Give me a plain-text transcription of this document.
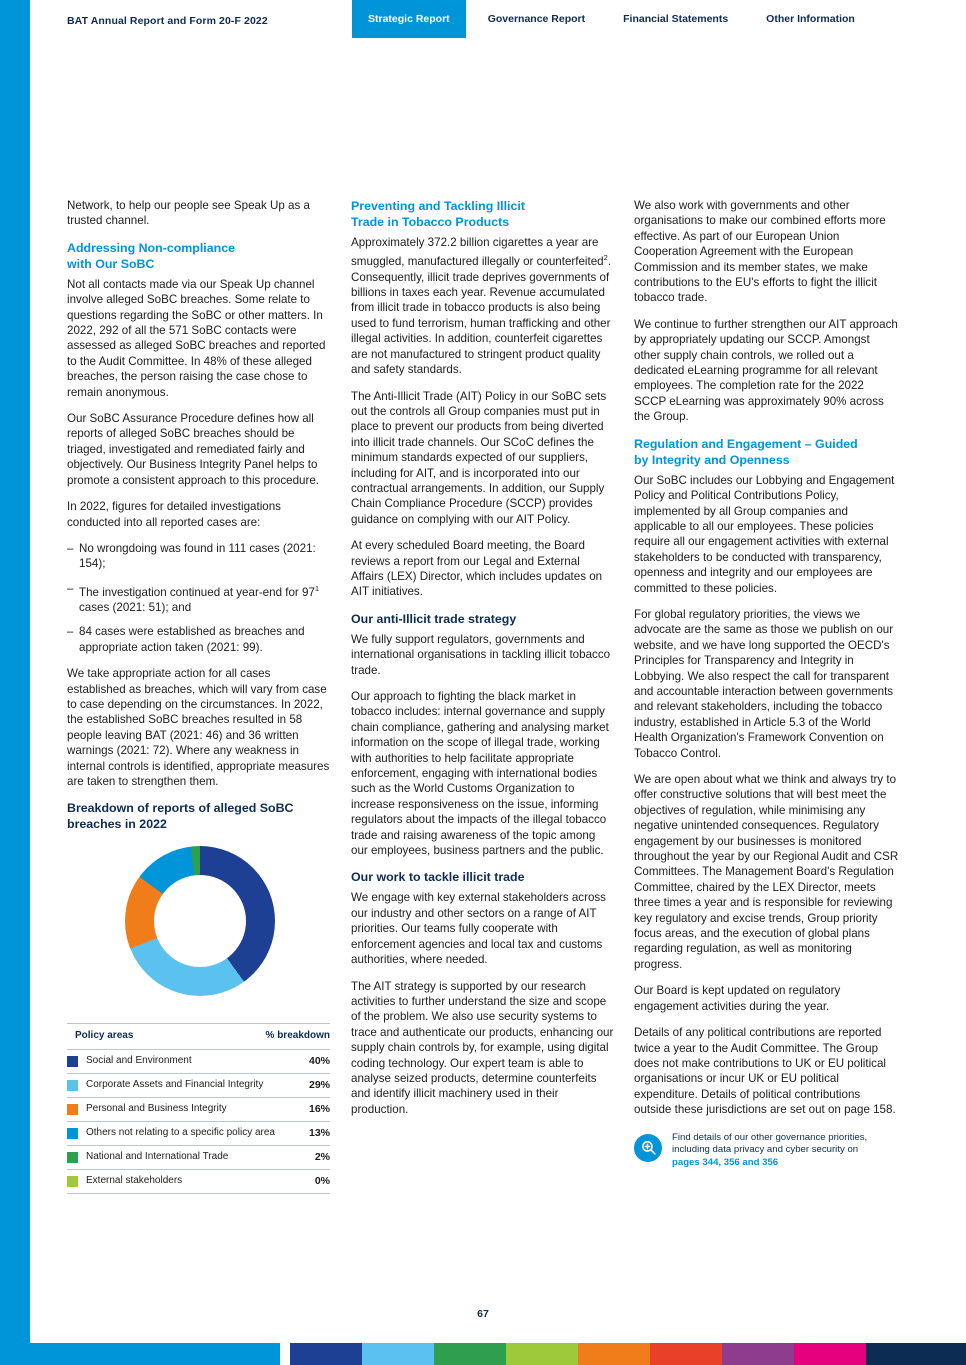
BAT Annual Report and Form 20-F 2022	Strategic Report	Governance Report	Financial Statements	Other Information

Network, to help our people see Speak Up as a trusted channel.

Addressing Non-compliance
with Our SoBC

Not all contacts made via our Speak Up channel involve alleged SoBC breaches. Some relate to questions regarding the SoBC or other matters. In 2022, 292 of all the 571 SoBC contacts were assessed as alleged SoBC breaches and reported to the Audit Committee. In 48% of these alleged breaches, the person raising the case chose to remain anonymous.

Our SoBC Assurance Procedure defines how all reports of alleged SoBC breaches should be triaged, investigated and remediated fairly and objectively. Our Business Integrity Panel helps to promote a consistent approach to this procedure.

In 2022, figures for detailed investigations conducted into all reported cases are:

– No wrongdoing was found in 111 cases (2021: 154);
– The investigation continued at year-end for $97^1$ cases (2021: 51); and
– 84 cases were established as breaches and appropriate action taken (2021: 99).

We take appropriate action for all cases established as breaches, which will vary from case to case depending on the circumstances. In 2022, the established SoBC breaches resulted in 58 people leaving BAT (2021: 46) and 36 written warnings (2021: 72). Where any weakness in internal controls is identified, appropriate measures are taken to strengthen them.

Breakdown of reports of alleged SoBC
breaches in 2022
Policy areas	% breakdown
Social and Environment	40%
Corporate Assets and Financial Integrity	29%
Personal and Business Integrity	16%
Others not relating to a specific policy area	13%
National and International Trade	2%
External stakeholders	0%
Preventing and Tackling Illicit
Trade in Tobacco Products

Approximately 372.2 billion cigarettes a year are smuggled, manufactured illegally or counterfeited$^2$. Consequently, illicit trade deprives governments of billions in taxes each year. Revenue accumulated from illicit trade in tobacco products is also being used to fund terrorism, human trafficking and other illegal activities. In addition, counterfeit cigarettes are not manufactured to stringent product quality and safety standards.

The Anti-Illicit Trade (AIT) Policy in our SoBC sets out the controls all Group companies must put in place to prevent our products from being diverted into illicit trade channels. Our SCoC defines the minimum standards expected of our suppliers, including for AIT, and is incorporated into our contractual arrangements. In addition, our Supply Chain Compliance Procedure (SCCP) provides guidance on complying with our AIT Policy.

At every scheduled Board meeting, the Board reviews a report from our Legal and External Affairs (LEX) Director, which includes updates on AIT initiatives.

Our anti-Illicit trade strategy

We fully support regulators, governments and international organisations in tackling illicit tobacco trade.

Our approach to fighting the black market in tobacco includes: internal governance and supply chain compliance, gathering and analysing market information on the scope of illegal trade, working with authorities to help facilitate appropriate enforcement, engaging with international bodies such as the World Customs Organization to increase responsiveness on the issue, informing regulators about the impacts of the illegal tobacco trade and raising awareness of the topic among our employees, business partners and the public.

Our work to tackle illicit trade

We engage with key external stakeholders across our industry and other sectors on a range of AIT priorities. Our teams fully cooperate with enforcement agencies and local tax and customs authorities, where needed.

The AIT strategy is supported by our research activities to further understand the size and scope of the problem. We also use security systems to trace and authenticate our products, enhancing our supply chain controls by, for example, using digital coding technology. Our expert team is able to analyse seized products, determine counterfeits and identify illicit machinery used in their production.

We also work with governments and other organisations to make our combined efforts more effective. As part of our European Union Cooperation Agreement with the European Commission and its member states, we make contributions to the EU's efforts to fight the illicit tobacco trade.

We continue to further strengthen our AIT approach by appropriately updating our SCCP. Amongst other supply chain controls, we rolled out a dedicated eLearning programme for all relevant employees. The completion rate for the 2022 SCCP eLearning was approximately 90% across the Group.

Regulation and Engagement – Guided
by Integrity and Openness

Our SoBC includes our Lobbying and Engagement Policy and Political Contributions Policy, implemented by all Group companies and applicable to all our employees. These policies require all our engagement activities with external stakeholders to be conducted with transparency, openness and integrity and our employees are committed to these policies.

For global regulatory priorities, the views we advocate are the same as those we publish on our website, and we have long supported the OECD's Principles for Transparency and Integrity in Lobbying. We also respect the call for transparent and accountable interaction between governments and relevant stakeholders, including the tobacco industry, established in Article 5.3 of the World Health Organization's Framework Convention on Tobacco Control.

We are open about what we think and always try to offer constructive solutions that will best meet the objectives of regulation, while minimising any negative unintended consequences. Regulatory engagement by our businesses is monitored throughout the year by our Regional Audit and CSR Committees. The Management Board's Regulation Committee, chaired by the LEX Director, meets three times a year and is responsible for reviewing key regulatory and excise trends, Group priority focus areas, and the execution of global plans regarding regulation, as well as monitoring progress.

Our Board is kept updated on regulatory engagement activities during the year.

Details of any political contributions are reported twice a year to the Audit Committee. The Group does not make contributions to UK or EU political organisations or incur UK or EU political expenditure. Details of political contributions outside these jurisdictions are set out on page 158.

Find details of our other governance priorities,
including data privacy and cyber security on
pages 344, 356 and 356
67
